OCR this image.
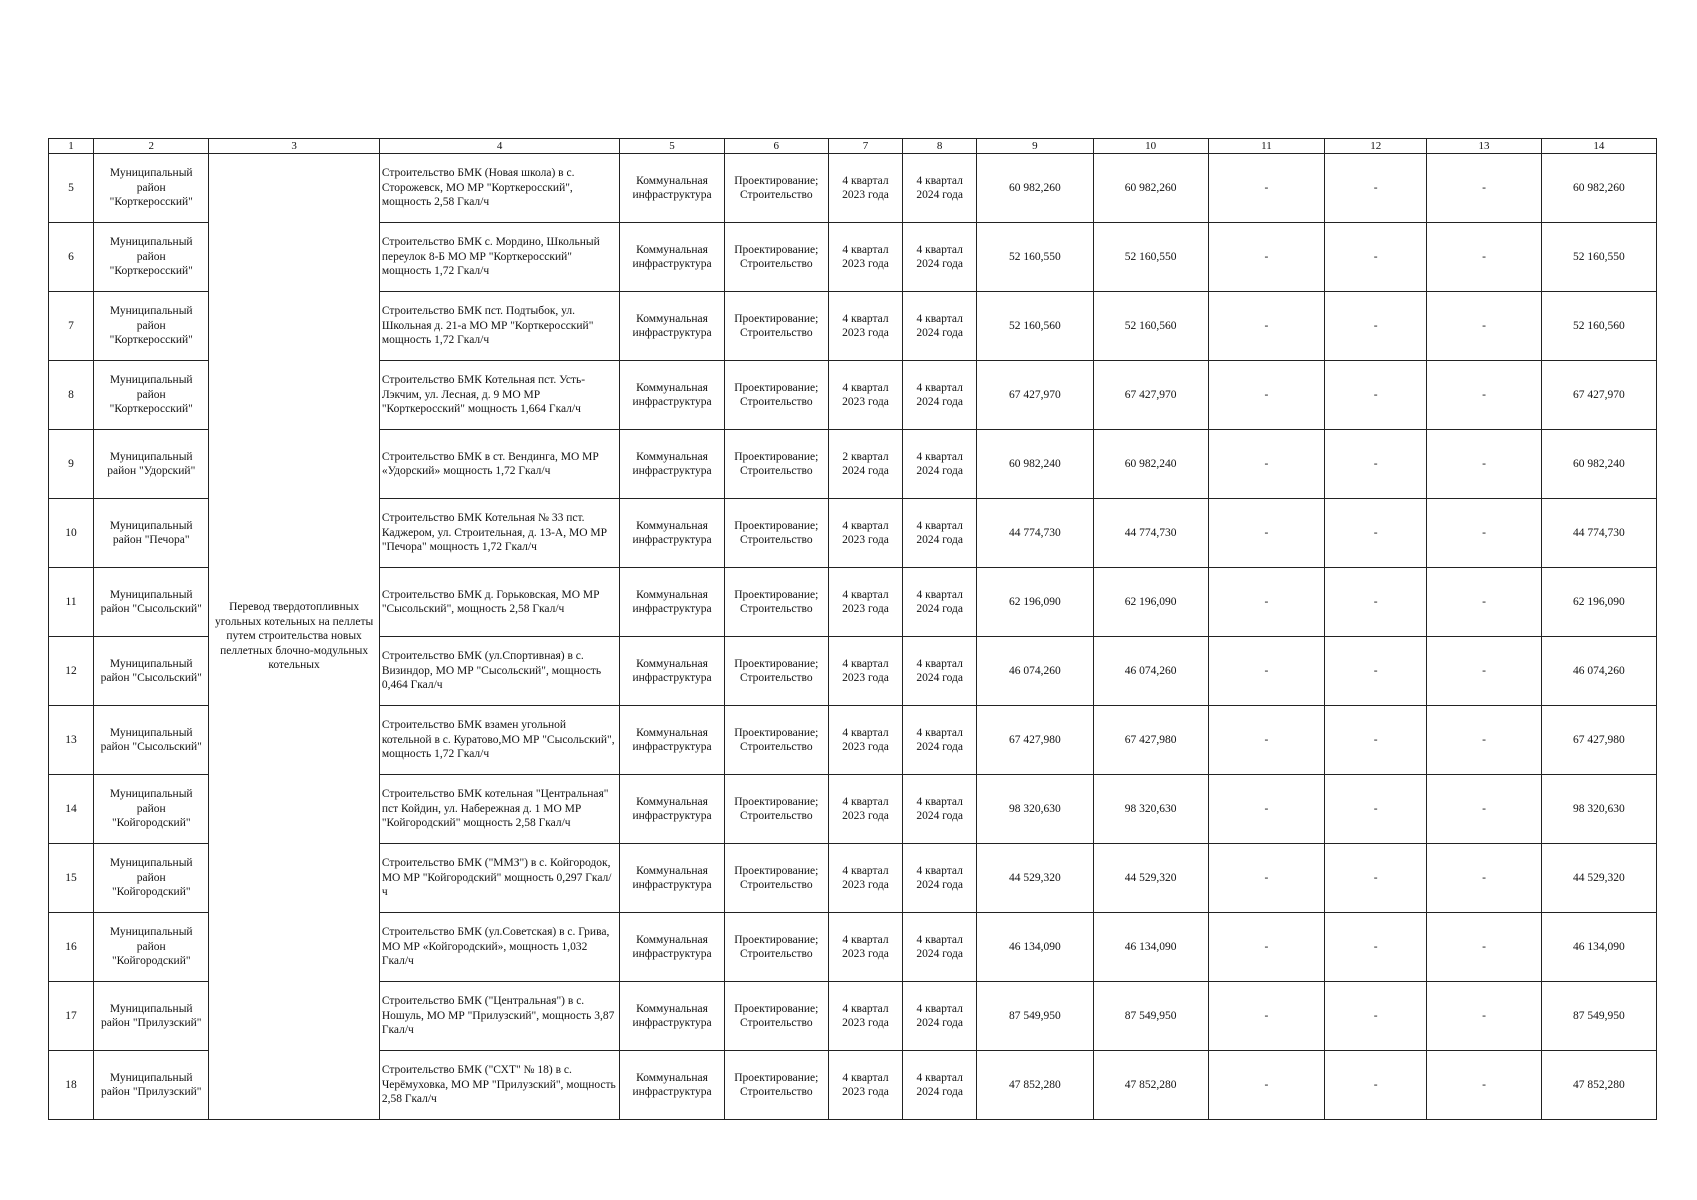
1	2	3	4	5	6	7	8	9	10	11	12	13	14
5	Муниципальный район "Корткеросский"	Перевод твердотопливных угольных котельных на пеллеты путем строительства новых пеллетных блочно-модульных котельных	Строительство БМК (Новая школа) в с. Сторожевск, МО МР "Корткеросский", мощность 2,58 Гкал/ч	Коммунальная инфраструктура	Проектирование; Строительство	4 квартал 2023 года	4 квартал 2024 года	60 982,260	60 982,260	-	-	-	60 982,260
6	Муниципальный район "Корткеросский"		Строительство БМК с. Мордино, Школьный переулок 8-Б МО МР "Корткеросский" мощность 1,72 Гкал/ч	Коммунальная инфраструктура	Проектирование; Строительство	4 квартал 2023 года	4 квартал 2024 года	52 160,550	52 160,550	-	-	-	52 160,550
7	Муниципальный район "Корткеросский"		Строительство БМК пст. Подтыбок, ул. Школьная д. 21-а МО МР "Корткеросский" мощность 1,72 Гкал/ч	Коммунальная инфраструктура	Проектирование; Строительство	4 квартал 2023 года	4 квартал 2024 года	52 160,560	52 160,560	-	-	-	52 160,560
8	Муниципальный район "Корткеросский"		Строительство БМК Котельная пст. Усть-Лэкчим, ул. Лесная, д. 9 МО МР "Корткеросский" мощность 1,664 Гкал/ч	Коммунальная инфраструктура	Проектирование; Строительство	4 квартал 2023 года	4 квартал 2024 года	67 427,970	67 427,970	-	-	-	67 427,970
9	Муниципальный район "Удорский"		Строительство БМК в ст. Вендинга, МО МР «Удорский» мощность 1,72 Гкал/ч	Коммунальная инфраструктура	Проектирование; Строительство	2 квартал 2024 года	4 квартал 2024 года	60 982,240	60 982,240	-	-	-	60 982,240
10	Муниципальный район "Печора"		Строительство БМК Котельная № 33 пст. Каджером, ул. Строительная, д. 13-А, МО МР "Печора" мощность 1,72 Гкал/ч	Коммунальная инфраструктура	Проектирование; Строительство	4 квартал 2023 года	4 квартал 2024 года	44 774,730	44 774,730	-	-	-	44 774,730
11	Муниципальный район "Сысольский"		Строительство БМК д. Горьковская, МО МР "Сысольский", мощность 2,58 Гкал/ч	Коммунальная инфраструктура	Проектирование; Строительство	4 квартал 2023 года	4 квартал 2024 года	62 196,090	62 196,090	-	-	-	62 196,090
12	Муниципальный район "Сысольский"		Строительство БМК (ул.Спортивная) в с. Визиндор, МО МР "Сысольский", мощность 0,464 Гкал/ч	Коммунальная инфраструктура	Проектирование; Строительство	4 квартал 2023 года	4 квартал 2024 года	46 074,260	46 074,260	-	-	-	46 074,260
13	Муниципальный район "Сысольский"		Строительство БМК взамен угольной котельной в с. Куратово,МО МР "Сысольский", мощность 1,72 Гкал/ч	Коммунальная инфраструктура	Проектирование; Строительство	4 квартал 2023 года	4 квартал 2024 года	67 427,980	67 427,980	-	-	-	67 427,980
14	Муниципальный район "Койгородский"		Строительство БМК котельная "Центральная" пст Койдин, ул. Набережная д. 1 МО МР "Койгородский" мощность 2,58 Гкал/ч	Коммунальная инфраструктура	Проектирование; Строительство	4 квартал 2023 года	4 квартал 2024 года	98 320,630	98 320,630	-	-	-	98 320,630
15	Муниципальный район "Койгородский"		Строительство БМК ("ММЗ") в с. Койгородок, МО МР "Койгородский" мощность 0,297 Гкал/ч	Коммунальная инфраструктура	Проектирование; Строительство	4 квартал 2023 года	4 квартал 2024 года	44 529,320	44 529,320	-	-	-	44 529,320
16	Муниципальный район "Койгородский"		Строительство БМК (ул.Советская) в с. Грива, МО МР «Койгородский», мощность 1,032 Гкал/ч	Коммунальная инфраструктура	Проектирование; Строительство	4 квартал 2023 года	4 квартал 2024 года	46 134,090	46 134,090	-	-	-	46 134,090
17	Муниципальный район "Прилузский"		Строительство БМК ("Центральная") в с. Ношуль, МО МР "Прилузский", мощность 3,87 Гкал/ч	Коммунальная инфраструктура	Проектирование; Строительство	4 квартал 2023 года	4 квартал 2024 года	87 549,950	87 549,950	-	-	-	87 549,950
18	Муниципальный район "Прилузский"		Строительство БМК ("СХТ" № 18) в с. Черёмуховка, МО МР "Прилузский", мощность 2,58 Гкал/ч	Коммунальная инфраструктура	Проектирование; Строительство	4 квартал 2023 года	4 квартал 2024 года	47 852,280	47 852,280	-	-	-	47 852,280
